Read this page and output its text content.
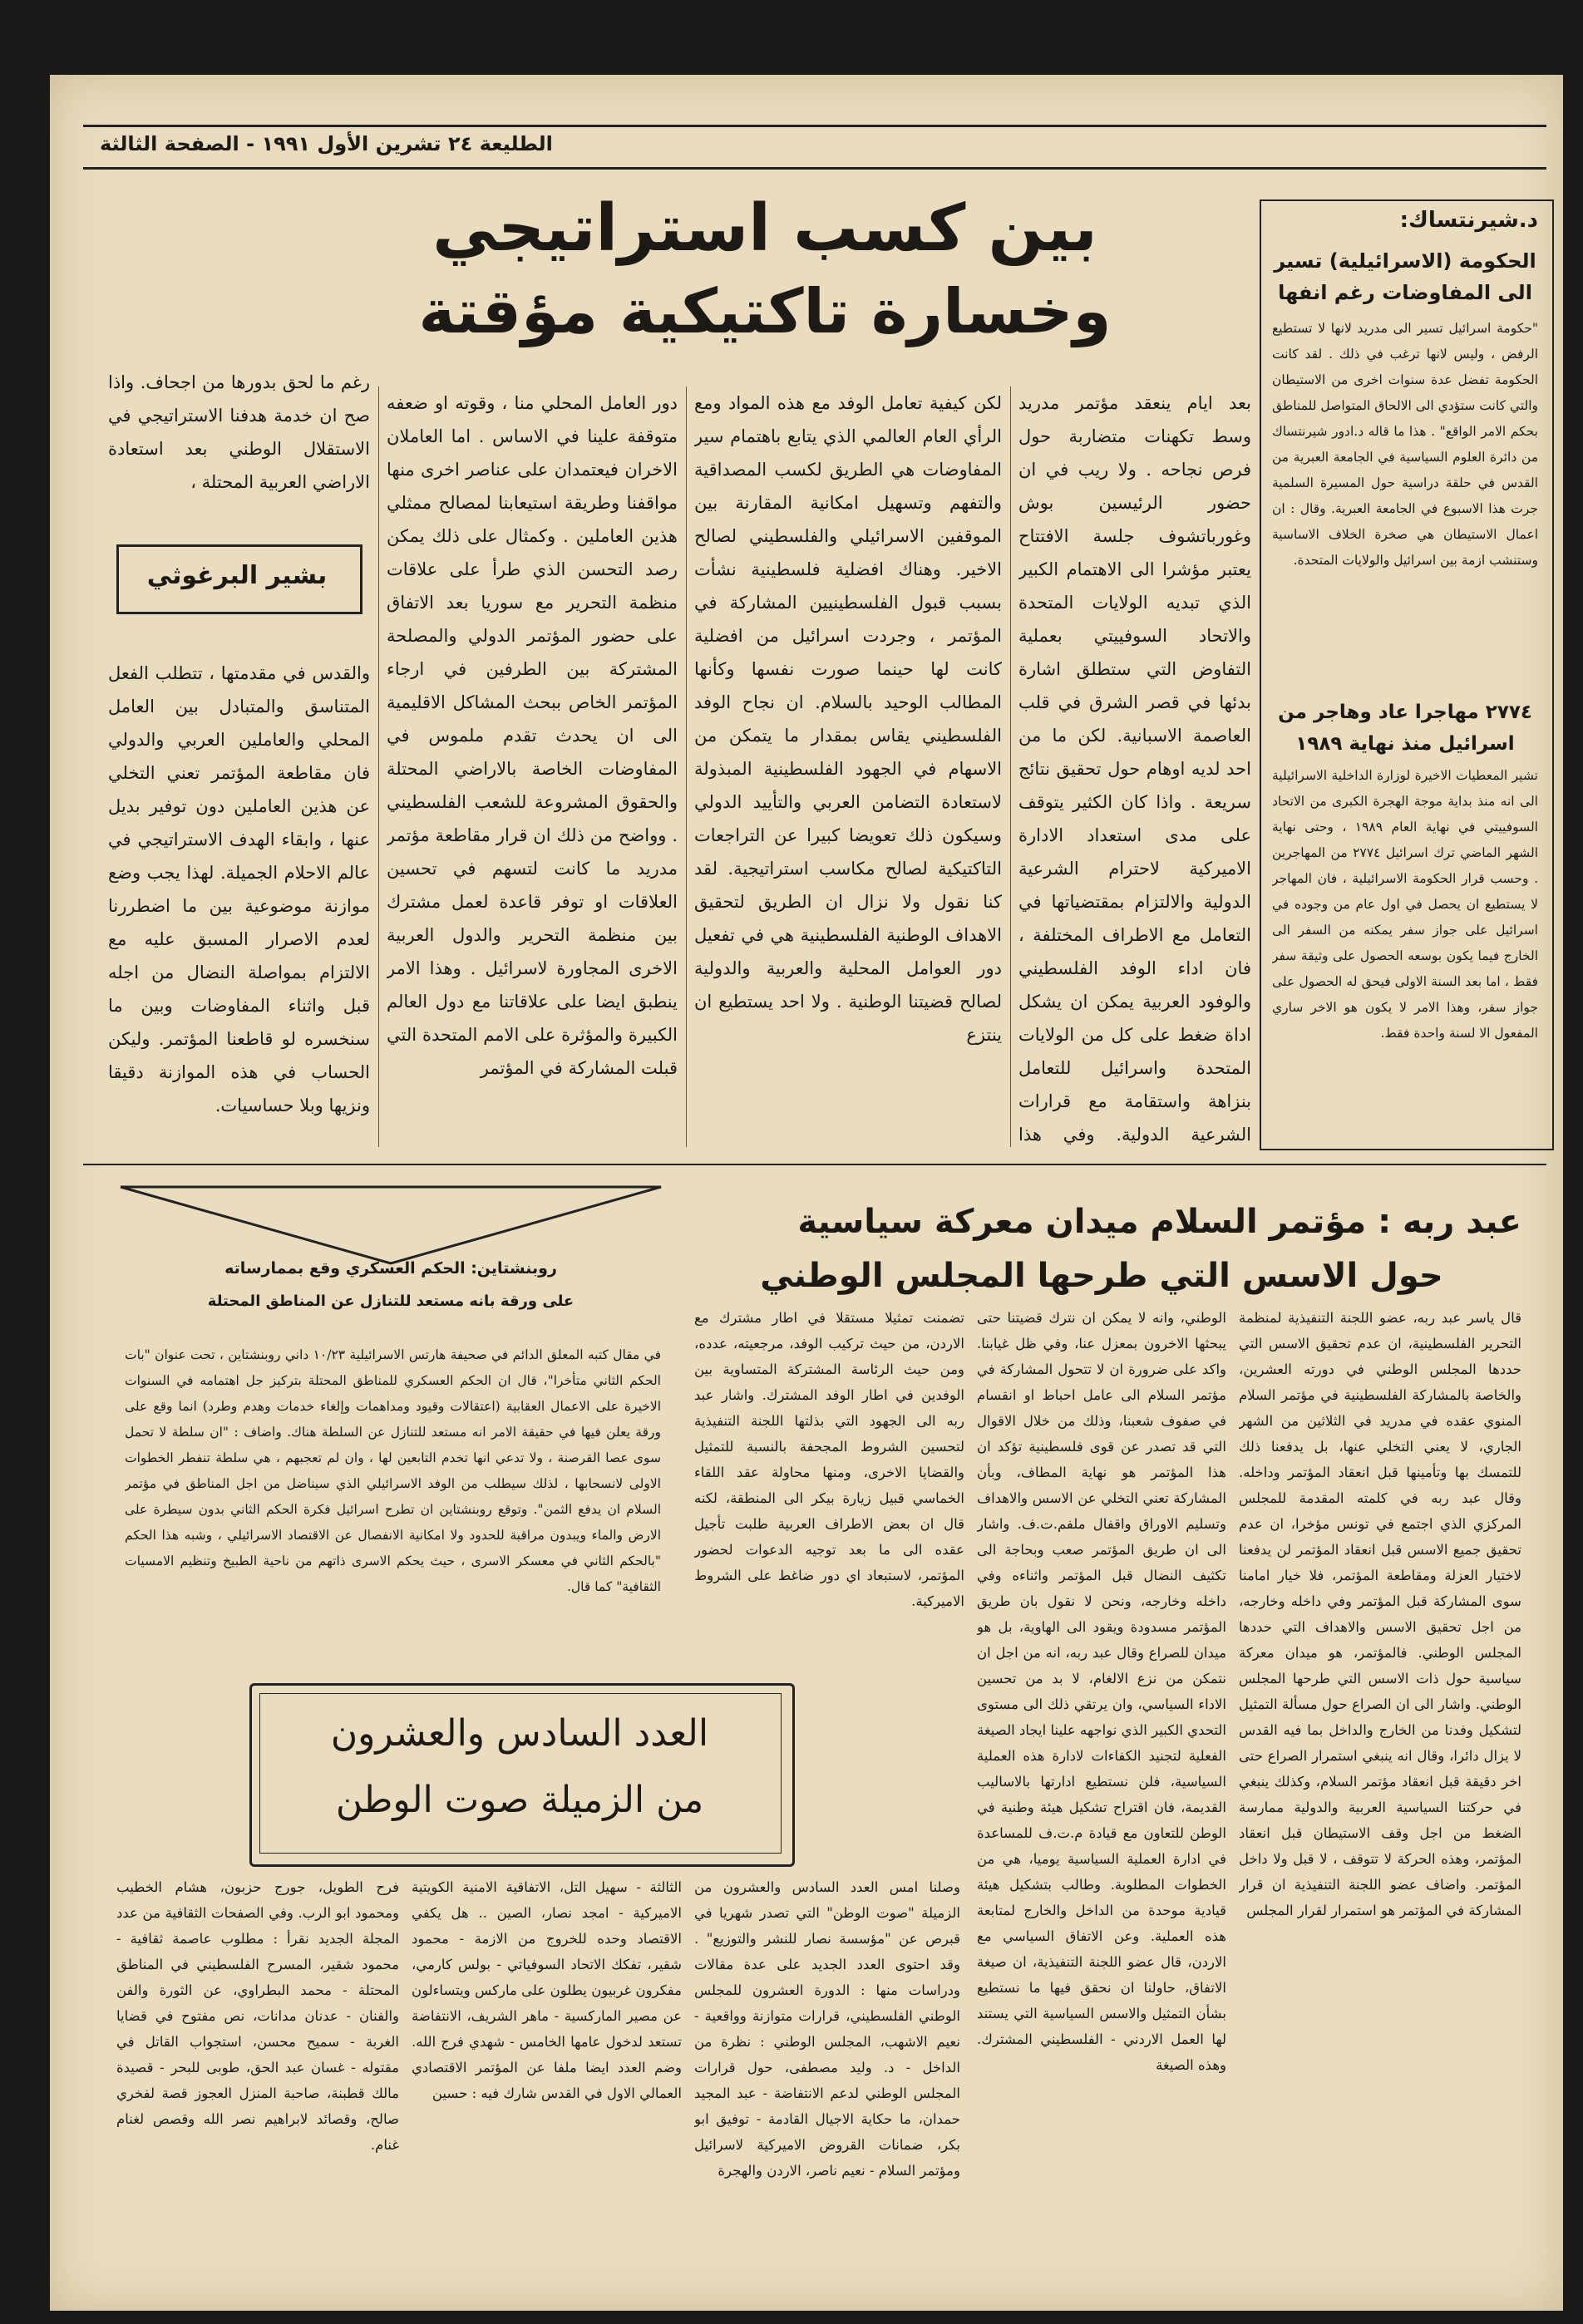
الطليعة ٢٤ تشرين الأول ١٩٩١ - الصفحة الثالثة
بين كسب استراتيجي
وخسارة تاكتيكية مؤقتة
د.شيرنتساك:
الحكومة (الاسرائيلية) تسير الى المفاوضات رغم انفها
"حكومة اسرائيل تسير الى مدريد لانها لا تستطيع الرفض ، وليس لانها ترغب في ذلك . لقد كانت الحكومة تفضل عدة سنوات اخرى من الاستيطان والتي كانت ستؤدي الى الالحاق المتواصل للمناطق بحكم الامر الواقع" . هذا ما قاله د.ادور شيرنتساك من دائرة العلوم السياسية في الجامعة العبرية من القدس في حلقة دراسية حول المسيرة السلمية جرت هذا الاسبوع في الجامعة العبرية. وقال : ان اعمال الاستيطان هي صخرة الخلاف الاساسية وستنشب ازمة بين اسرائيل والولايات المتحدة.
٢٧٧٤ مهاجرا عاد وهاجر من اسرائيل منذ نهاية ١٩٨٩
تشير المعطيات الاخيرة لوزارة الداخلية الاسرائيلية الى انه منذ بداية موجة الهجرة الكبرى من الاتحاد السوفييتي في نهاية العام ١٩٨٩ ، وحتى نهاية الشهر الماضي ترك اسرائيل ٢٧٧٤ من المهاجرين . وحسب قرار الحكومة الاسرائيلية ، فان المهاجر لا يستطيع ان يحصل في اول عام من وجوده في اسرائيل على جواز سفر يمكنه من السفر الى الخارج فيما يكون بوسعه الحصول على وثيقة سفر فقط ، اما بعد السنة الاولى فيحق له الحصول على جواز سفر، وهذا الامر لا يكون هو الاخر ساري المفعول الا لسنة واحدة فقط.
بعد ايام ينعقد مؤتمر مدريد وسط تكهنات متضاربة حول فرص نجاحه . ولا ريب في ان حضور الرئيسين بوش وغورباتشوف جلسة الافتتاح يعتبر مؤشرا الى الاهتمام الكبير الذي تبديه الولايات المتحدة والاتحاد السوفييتي بعملية التفاوض التي ستطلق اشارة بدئها في قصر الشرق في قلب العاصمة الاسبانية. لكن ما من احد لديه اوهام حول تحقيق نتائج سريعة . واذا كان الكثير يتوقف على مدى استعداد الادارة الاميركية لاحترام الشرعية الدولية والالتزام بمقتضياتها في التعامل مع الاطراف المختلفة ، فان اداء الوفد الفلسطيني والوفود العربية يمكن ان يشكل اداة ضغط على كل من الولايات المتحدة واسرائيل للتعامل بنزاهة واستقامة مع قرارات الشرعية الدولية. وفي هذا
لكن كيفية تعامل الوفد مع هذه المواد ومع الرأي العام العالمي الذي يتابع باهتمام سير المفاوضات هي الطريق لكسب المصداقية والتفهم وتسهيل امكانية المقارنة بين الموقفين الاسرائيلي والفلسطيني لصالح الاخير. وهناك افضلية فلسطينية نشأت بسبب قبول الفلسطينيين المشاركة في المؤتمر ، وجردت اسرائيل من افضلية كانت لها حينما صورت نفسها وكأنها المطالب الوحيد بالسلام. ان نجاح الوفد الفلسطيني يقاس بمقدار ما يتمكن من الاسهام في الجهود الفلسطينية المبذولة لاستعادة التضامن العربي والتأييد الدولي وسيكون ذلك تعويضا كبيرا عن التراجعات التاكتيكية لصالح مكاسب استراتيجية. لقد كنا نقول ولا نزال ان الطريق لتحقيق الاهداف الوطنية الفلسطينية هي في تفعيل دور العوامل المحلية والعربية والدولية لصالح قضيتنا الوطنية . ولا احد يستطيع ان ينتزع
دور العامل المحلي منا ، وقوته او ضعفه متوقفة علينا في الاساس . اما العاملان الاخران فيعتمدان على عناصر اخرى منها مواقفنا وطريقة استيعابنا لمصالح ممثلي هذين العاملين . وكمثال على ذلك يمكن رصد التحسن الذي طرأ على علاقات منظمة التحرير مع سوريا بعد الاتفاق على حضور المؤتمر الدولي والمصلحة المشتركة بين الطرفين في ارجاء المؤتمر الخاص ببحث المشاكل الاقليمية الى ان يحدث تقدم ملموس في المفاوضات الخاصة بالاراضي المحتلة والحقوق المشروعة للشعب الفلسطيني . وواضح من ذلك ان قرار مقاطعة مؤتمر مدريد ما كانت لتسهم في تحسين العلاقات او توفر قاعدة لعمل مشترك بين منظمة التحرير والدول العربية الاخرى المجاورة لاسرائيل . وهذا الامر ينطبق ايضا على علاقاتنا مع دول العالم الكبيرة والمؤثرة على الامم المتحدة التي قبلت المشاركة في المؤتمر
رغم ما لحق بدورها من اجحاف. واذا صح ان خدمة هدفنا الاستراتيجي في الاستقلال الوطني بعد استعادة الاراضي العربية المحتلة ،
بشير البرغوثي
والقدس في مقدمتها ، تتطلب الفعل المتناسق والمتبادل بين العامل المحلي والعاملين العربي والدولي فان مقاطعة المؤتمر تعني التخلي عن هذين العاملين دون توفير بديل عنها ، وابقاء الهدف الاستراتيجي في عالم الاحلام الجميلة. لهذا يجب وضع موازنة موضوعية بين ما اضطررنا لعدم الاصرار المسبق عليه مع الالتزام بمواصلة النضال من اجله قبل واثناء المفاوضات وبين ما سنخسره لو قاطعنا المؤتمر. وليكن الحساب في هذه الموازنة دقيقا ونزيها وبلا حساسيات.
عبد ربه : مؤتمر السلام ميدان معركة سياسية
حول الاسس التي طرحها المجلس الوطني
قال ياسر عبد ربه، عضو اللجنة التنفيذية لمنظمة التحرير الفلسطينية، ان عدم تحقيق الاسس التي حددها المجلس الوطني في دورته العشرين، والخاصة بالمشاركة الفلسطينية في مؤتمر السلام المنوي عقده في مدريد في الثلاثين من الشهر الجاري، لا يعني التخلي عنها، بل يدفعنا ذلك للتمسك بها وتأمينها قبل انعقاد المؤتمر وداخله. وقال عبد ربه في كلمته المقدمة للمجلس المركزي الذي اجتمع في تونس مؤخرا، ان عدم تحقيق جميع الاسس قبل انعقاد المؤتمر لن يدفعنا لاختيار العزلة ومقاطعة المؤتمر، فلا خيار امامنا سوى المشاركة قبل المؤتمر وفي داخله وخارجه، من اجل تحقيق الاسس والاهداف التي حددها المجلس الوطني. فالمؤتمر، هو ميدان معركة سياسية حول ذات الاسس التي طرحها المجلس الوطني. واشار الى ان الصراع حول مسألة التمثيل لتشكيل وفدنا من الخارج والداخل بما فيه القدس لا يزال دائرا، وقال انه ينبغي استمرار الصراع حتى اخر دقيقة قبل انعقاد مؤتمر السلام، وكذلك ينبغي في حركتنا السياسية العربية والدولية ممارسة الضغط من اجل وقف الاستيطان قبل انعقاد المؤتمر، وهذه الحركة لا تتوقف ، لا قبل ولا داخل المؤتمر. واضاف عضو اللجنة التنفيذية ان قرار المشاركة في المؤتمر هو استمرار لقرار المجلس
الوطني، وانه لا يمكن ان نترك قضيتنا حتى يبحثها الاخرون بمعزل عنا، وفي ظل غيابنا. واكد على ضرورة ان لا تتحول المشاركة في مؤتمر السلام الى عامل احباط او انقسام في صفوف شعبنا، وذلك من خلال الاقوال التي قد تصدر عن قوى فلسطينية تؤكد ان هذا المؤتمر هو نهاية المطاف، وبأن المشاركة تعني التخلي عن الاسس والاهداف وتسليم الاوراق واقفال ملفم.ت.ف. واشار الى ان طريق المؤتمر صعب وبحاجة الى تكثيف النضال قبل المؤتمر واثناءه وفي داخله وخارجه، ونحن لا نقول بان طريق المؤتمر مسدودة ويقود الى الهاوية، بل هو ميدان للصراع وقال عبد ربه، انه من اجل ان نتمكن من نزع الالغام، لا بد من تحسين الاداء السياسي، وان يرتقي ذلك الى مستوى التحدي الكبير الذي نواجهه علينا ايجاد الصيغة الفعلية لتجنيد الكفاءات لادارة هذه العملية السياسية، فلن نستطيع ادارتها بالاساليب القديمة، فان اقتراح تشكيل هيئة وطنية في الوطن للتعاون مع قيادة م.ت.ف للمساعدة في ادارة العملية السياسية يوميا، هي من الخطوات المطلوبة. وطالب بتشكيل هيئة قيادية موحدة من الداخل والخارج لمتابعة هذه العملية. وعن الاتفاق السياسي مع الاردن، قال عضو اللجنة التنفيذية، ان صيغة الاتفاق، حاولنا ان نحقق فيها ما نستطيع بشأن التمثيل والاسس السياسية التي يستند لها العمل الاردني - الفلسطيني المشترك. وهذه الصيغة
تضمنت تمثيلا مستقلا في اطار مشترك مع الاردن، من حيث تركيب الوفد، مرجعيته، عدده، ومن حيث الرئاسة المشتركة المتساوية بين الوفدين في اطار الوفد المشترك. واشار عبد ربه الى الجهود التي بذلتها اللجنة التنفيذية لتحسين الشروط المجحفة بالنسبة للتمثيل والقضايا الاخرى، ومنها محاولة عقد اللقاء الخماسي قبيل زيارة بيكر الى المنطقة، لكنه قال ان بعض الاطراف العربية طلبت تأجيل عقده الى ما بعد توجيه الدعوات لحضور المؤتمر، لاستبعاد اي دور ضاغط على الشروط الاميركية.
روبنشتاين: الحكم العسكري وقع بممارساته
على ورقة بانه مستعد للتنازل عن المناطق المحتلة
في مقال كتبه المعلق الدائم في صحيفة هارتس الاسرائيلية ١٠/٢٣ داني روبنشتاين ، تحت عنوان "بات الحكم الثاني متأخرا"، قال ان الحكم العسكري للمناطق المحتلة بتركيز جل اهتمامه في السنوات الاخيرة على الاعمال العقابية (اعتقالات وقيود ومداهمات وإلغاء خدمات وهدم وطرد) انما وقع على ورقة يعلن فيها في حقيقة الامر انه مستعد للتنازل عن السلطة هناك. واضاف : "ان سلطة لا تحمل سوى عصا القرصنة ، ولا تدعي انها تخدم التابعين لها ، وان لم تعجبهم ، هي سلطة تنفطر الخطوات الاولى لانسحابها ، لذلك سيطلب من الوفد الاسرائيلي الذي سيناضل من اجل المناطق في مؤتمر السلام ان يدفع الثمن". وتوقع روبنشتاين ان تطرح اسرائيل فكرة الحكم الثاني بدون سيطرة على الارض والماء ويبدون مراقبة للحدود ولا امكانية الانفصال عن الاقتصاد الاسرائيلي ، وشبه هذا الحكم "بالحكم الثاني في معسكر الاسرى ، حيث يحكم الاسرى ذاتهم من ناحية الطبيخ وتنظيم الامسيات الثقافية" كما قال.
العدد السادس والعشرون
من الزميلة صوت الوطن
وصلنا امس العدد السادس والعشرون من الزميلة "صوت الوطن" التي تصدر شهريا في قبرص عن "مؤسسة نصار للنشر والتوزيع" . وقد احتوى العدد الجديد على عدة مقالات ودراسات منها : الدورة العشرون للمجلس الوطني الفلسطيني، قرارات متوازنة وواقعية - نعيم الاشهب، المجلس الوطني : نظرة من الداخل - د. وليد مصطفى، حول قرارات المجلس الوطني لدعم الانتفاضة - عبد المجيد حمدان، ما حكاية الاجيال القادمة - توفيق ابو بكر، ضمانات القروض الاميركية لاسرائيل ومؤتمر السلام - نعيم ناصر، الاردن والهجرة
الثالثة - سهيل التل، الاتفاقية الامنية الكويتية الاميركية - امجد نصار، الصين .. هل يكفي الاقتصاد وحده للخروج من الازمة - محمود شقير، تفكك الاتحاد السوفياتي - بولس كارمي، مفكرون غربيون يطلون على ماركس ويتساءلون عن مصير الماركسية - ماهر الشريف، الانتفاضة تستعد لدخول عامها الخامس - شهدي فرج الله. وضم العدد ايضا ملفا عن المؤتمر الاقتصادي العمالي الاول في القدس شارك فيه : حسين
فرح الطويل، جورج حزبون، هشام الخطيب ومحمود ابو الرب. وفي الصفحات الثقافية من عدد المجلة الجديد نقرأ : مطلوب عاصمة ثقافية - محمود شقير، المسرح الفلسطيني في المناطق المحتلة - محمد البطراوي، عن الثورة والفن والفنان - عدنان مدانات، نص مفتوح في قضايا الغربة - سميح محسن، استجواب القاتل في مقتوله - غسان عبد الحق، طوبى للبحر - قصيدة مالك قطبنة، صاحبة المنزل العجوز قصة لفخري صالح، وقصائد لابراهيم نصر الله وقصص لغنام غنام.
